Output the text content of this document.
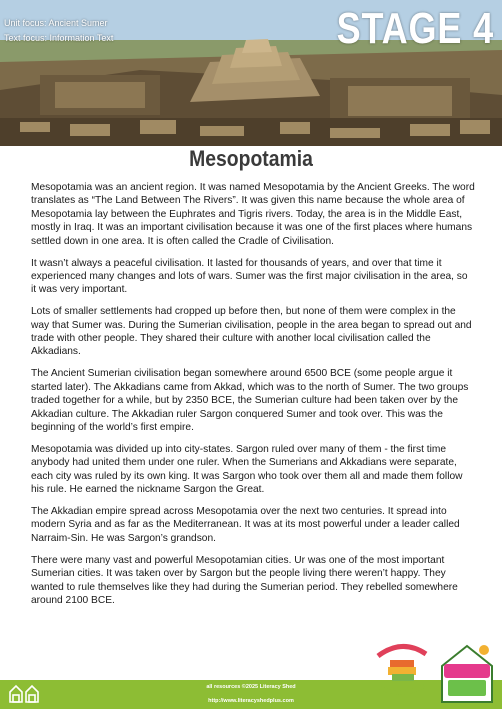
Unit focus: Ancient Sumer
Text focus: Information Text	STAGE 4
Mesopotamia

Mesopotamia was an ancient region. It was named Mesopotamia by the Ancient Greeks. The word translates as “The Land Between The Rivers”. It was given this name because the whole area of Mesopotamia lay between the Euphrates and Tigris rivers. Today, the area is in the Middle East, mostly in Iraq. It was an important civilisation because it was one of the first places where humans settled down in one area. It is often called the Cradle of Civilisation.

It wasn’t always a peaceful civilisation. It lasted for thousands of years, and over that time it experienced many changes and lots of wars. Sumer was the first major civilisation in the area, so it was very important.

Lots of smaller settlements had cropped up before then, but none of them were complex in the way that Sumer was. During the Sumerian civilisation, people in the area began to spread out and trade with other people. They shared their culture with another local civilisation called the Akkadians.

The Ancient Sumerian civilisation began somewhere around 6500 BCE (some people argue it started later). The Akkadians came from Akkad, which was to the north of Sumer. The two groups traded together for a while, but by 2350 BCE, the Sumerian culture had been taken over by the Akkadian culture. The Akkadian ruler Sargon conquered Sumer and took over. This was the beginning of the world’s first empire.

Mesopotamia was divided up into city-states. Sargon ruled over many of them - the first time anybody had united them under one ruler. When the Sumerians and Akkadians were separate, each city was ruled by its own king. It was Sargon who took over them all and made them follow his rule. He earned the nickname Sargon the Great.

The Akkadian empire spread across Mesopotamia over the next two centuries. It spread into modern Syria and as far as the Mediterranean. It was at its most powerful under a leader called Narraim-Sin. He was Sargon’s grandson.

There were many vast and powerful Mesopotamian cities. Ur was one of the most important Sumerian cities. It was taken over by Sargon but the people living there weren’t happy. They wanted to rule themselves like they had during the Sumerian period. They rebelled somewhere around 2100 BCE.

all resources ©2025 Literacy Shed
http://www.literacyshedplus.com
